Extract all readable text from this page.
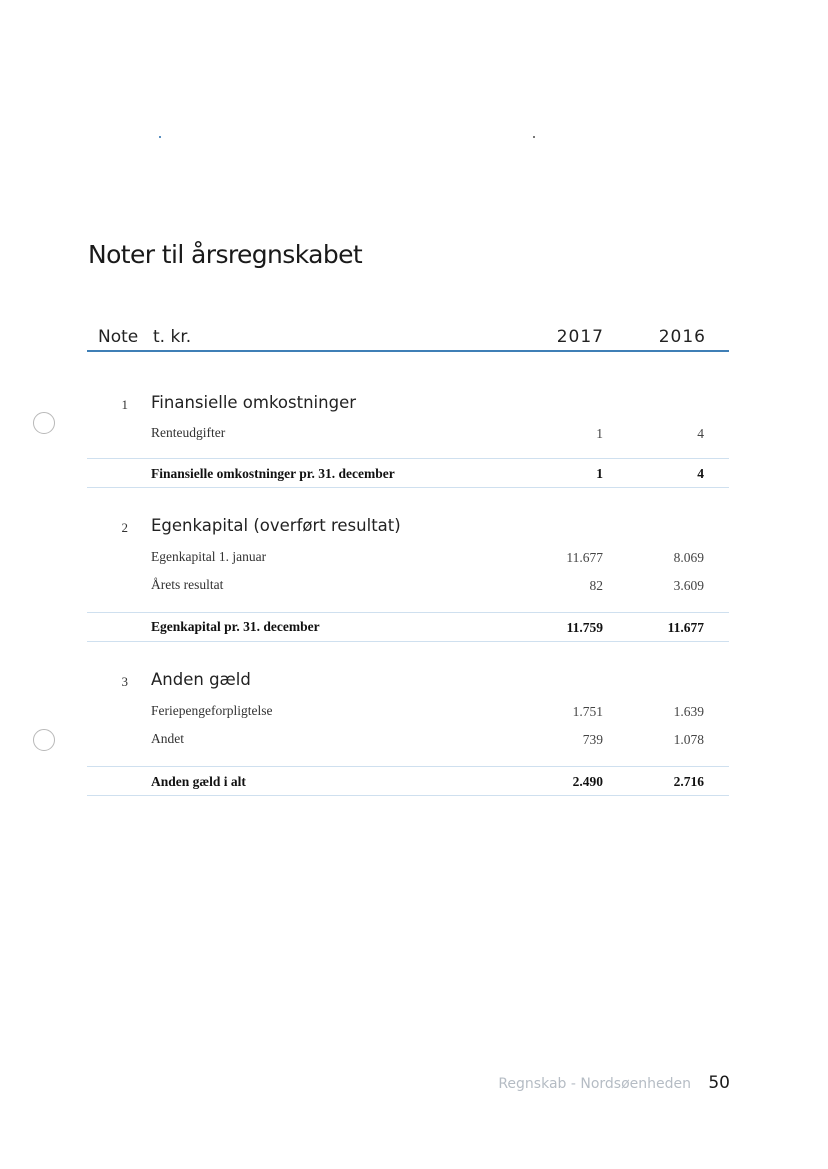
Noter til årsregnskabet
Note t. kr.	2017	2016
1 Finansielle omkostninger
Renteudgifter	1	4
Finansielle omkostninger pr. 31. december	1	4
2 Egenkapital (overført resultat)
Egenkapital 1. januar	11.677	8.069
Årets resultat	82	3.609
Egenkapital pr. 31. december	11.759	11.677
3 Anden gæld
Feriepengeforpligtelse	1.751	1.639
Andet	739	1.078
Anden gæld i alt	2.490	2.716
Regnskab - Nordsøenheden 50
